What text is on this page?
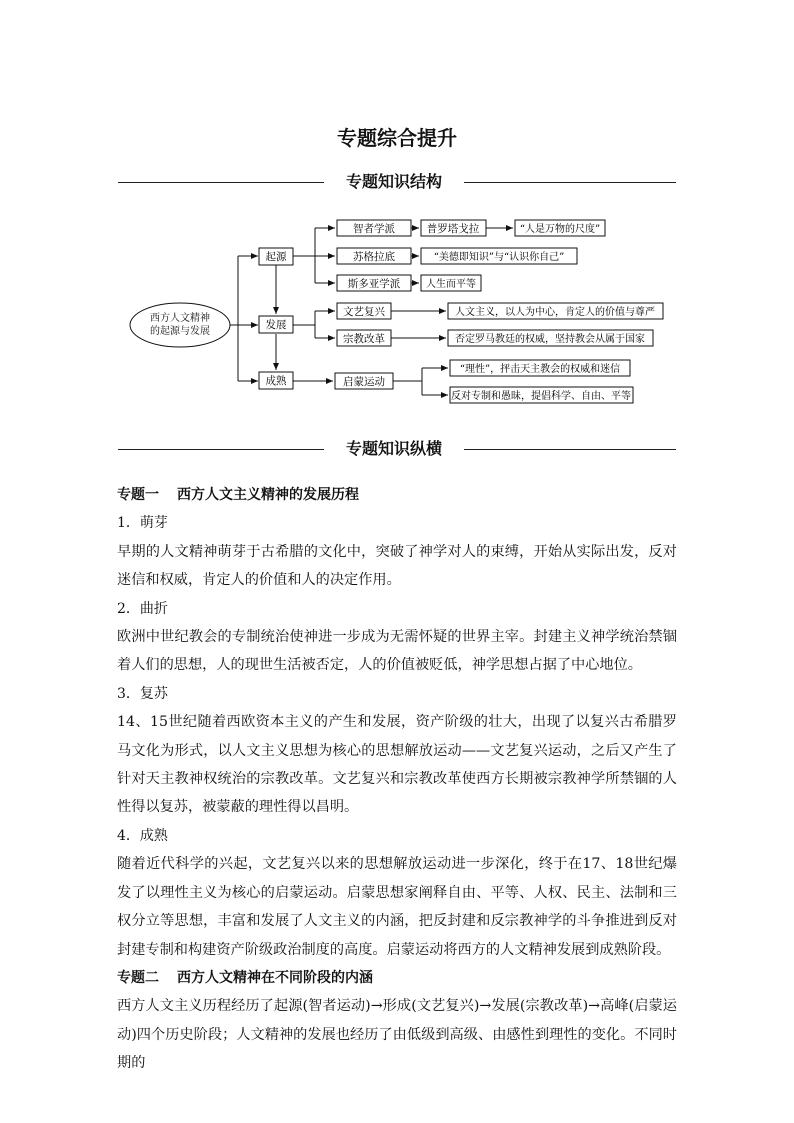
专题综合提升
专题知识结构
西方人文精神
的起源与发展
起源
发展
成熟
智者学派	普罗塔戈拉	“人是万物的尺度”
苏格拉底	“美德即知识”与“认识你自己”
斯多亚学派	人生而平等
文艺复兴	人文主义，以人为中心，肯定人的价值与尊严
宗教改革	否定罗马教廷的权威，坚持教会从属于国家
启蒙运动
“理性”，抨击天主教会的权威和迷信
反对专制和愚昧，提倡科学、自由、平等
专题知识纵横

专题一 西方人文主义精神的发展历程

1．萌芽

早期的人文精神萌芽于古希腊的文化中，突破了神学对人的束缚，开始从实际出发，反对迷信和权威，肯定人的价值和人的决定作用。

2．曲折

欧洲中世纪教会的专制统治使神进一步成为无需怀疑的世界主宰。封建主义神学统治禁锢着人们的思想，人的现世生活被否定，人的价值被贬低，神学思想占据了中心地位。

3．复苏

14、15世纪随着西欧资本主义的产生和发展，资产阶级的壮大，出现了以复兴古希腊罗马文化为形式，以人文主义思想为核心的思想解放运动——文艺复兴运动，之后又产生了针对天主教神权统治的宗教改革。文艺复兴和宗教改革使西方长期被宗教神学所禁锢的人性得以复苏，被蒙蔽的理性得以昌明。

4．成熟

随着近代科学的兴起，文艺复兴以来的思想解放运动进一步深化，终于在17、18世纪爆发了以理性主义为核心的启蒙运动。启蒙思想家阐释自由、平等、人权、民主、法制和三权分立等思想，丰富和发展了人文主义的内涵，把反封建和反宗教神学的斗争推进到反对封建专制和构建资产阶级政治制度的高度。启蒙运动将西方的人文精神发展到成熟阶段。

专题二 西方人文精神在不同阶段的内涵

西方人文主义历程经历了起源(智者运动)→形成(文艺复兴)→发展(宗教改革)→高峰(启蒙运动)四个历史阶段；人文精神的发展也经历了由低级到高级、由感性到理性的变化。不同时期的
